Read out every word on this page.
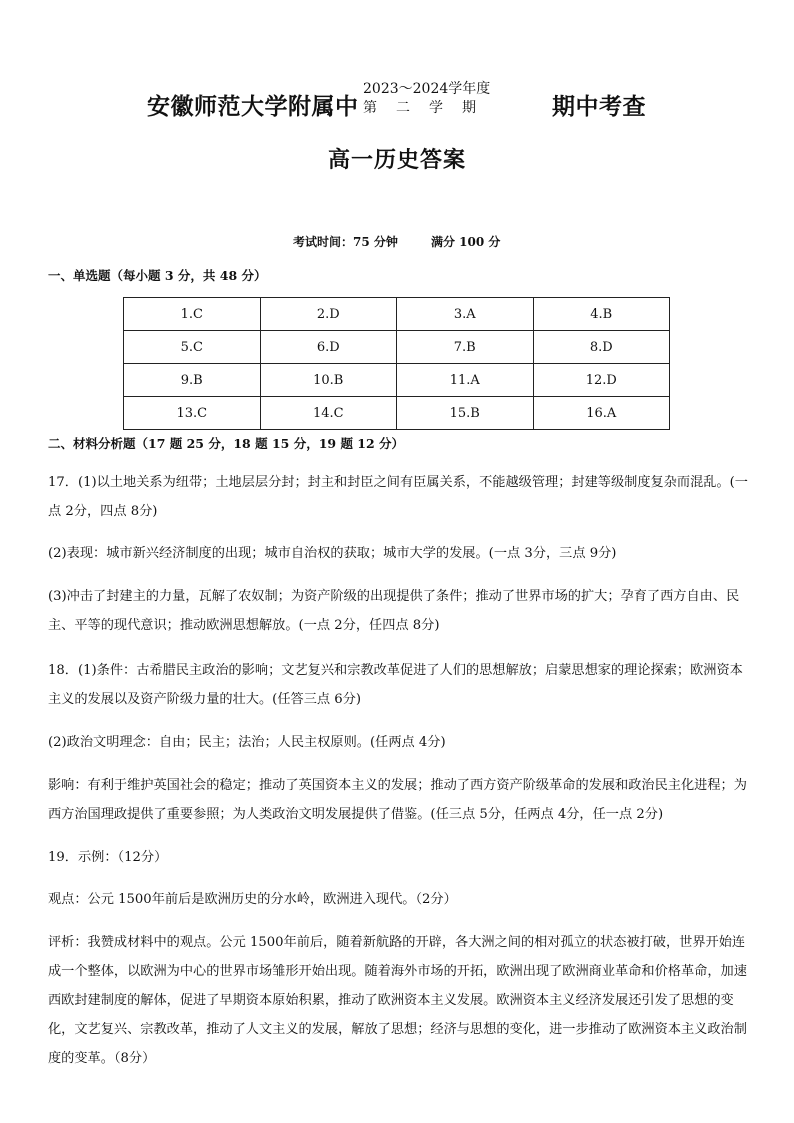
安徽师范大学附属中
2023～2024学年度
第二学期 期中考查
高一历史答案
考试时间：75 分钟	满分 100 分
一、单选题（每小题 3 分，共 48 分）
1.C	2.D	3.A	4.B
5.C	6.D	7.B	8.D
9.B	10.B	11.A	12.D
13.C	14.C	15.B	16.A
二、材料分析题（17 题 25 分，18 题 15 分，19 题 12 分）
17．(1)以土地关系为纽带；土地层层分封；封主和封臣之间有臣属关系，不能越级管理；封建等级制度复杂而混乱。(一点 2分，四点 8分)
(2)表现：城市新兴经济制度的出现；城市自治权的获取；城市大学的发展。(一点 3分，三点 9分)
(3)冲击了封建主的力量，瓦解了农奴制；为资产阶级的出现提供了条件；推动了世界市场的扩大；孕育了西方自由、民主、平等的现代意识；推动欧洲思想解放。(一点 2分，任四点 8分)
18．(1)条件：古希腊民主政治的影响；文艺复兴和宗教改革促进了人们的思想解放；启蒙思想家的理论探索；欧洲资本主义的发展以及资产阶级力量的壮大。(任答三点 6分)
(2)政治文明理念：自由；民主；法治；人民主权原则。(任两点 4分)
影响：有利于维护英国社会的稳定；推动了英国资本主义的发展；推动了西方资产阶级革命的发展和政治民主化进程；为西方治国理政提供了重要参照；为人类政治文明发展提供了借鉴。(任三点 5分，任两点 4分，任一点 2分)
19．示例：（12分）
观点：公元 1500年前后是欧洲历史的分水岭，欧洲进入现代。（2分）
评析：我赞成材料中的观点。公元 1500年前后，随着新航路的开辟，各大洲之间的相对孤立的状态被打破，世界开始连成一个整体，以欧洲为中心的世界市场雏形开始出现。随着海外市场的开拓，欧洲出现了欧洲商业革命和价格革命，加速西欧封建制度的解体，促进了早期资本原始积累，推动了欧洲资本主义发展。欧洲资本主义经济发展还引发了思想的变化，文艺复兴、宗教改革，推动了人文主义的发展，解放了思想；经济与思想的变化，进一步推动了欧洲资本主义政治制度的变革。（8分）
